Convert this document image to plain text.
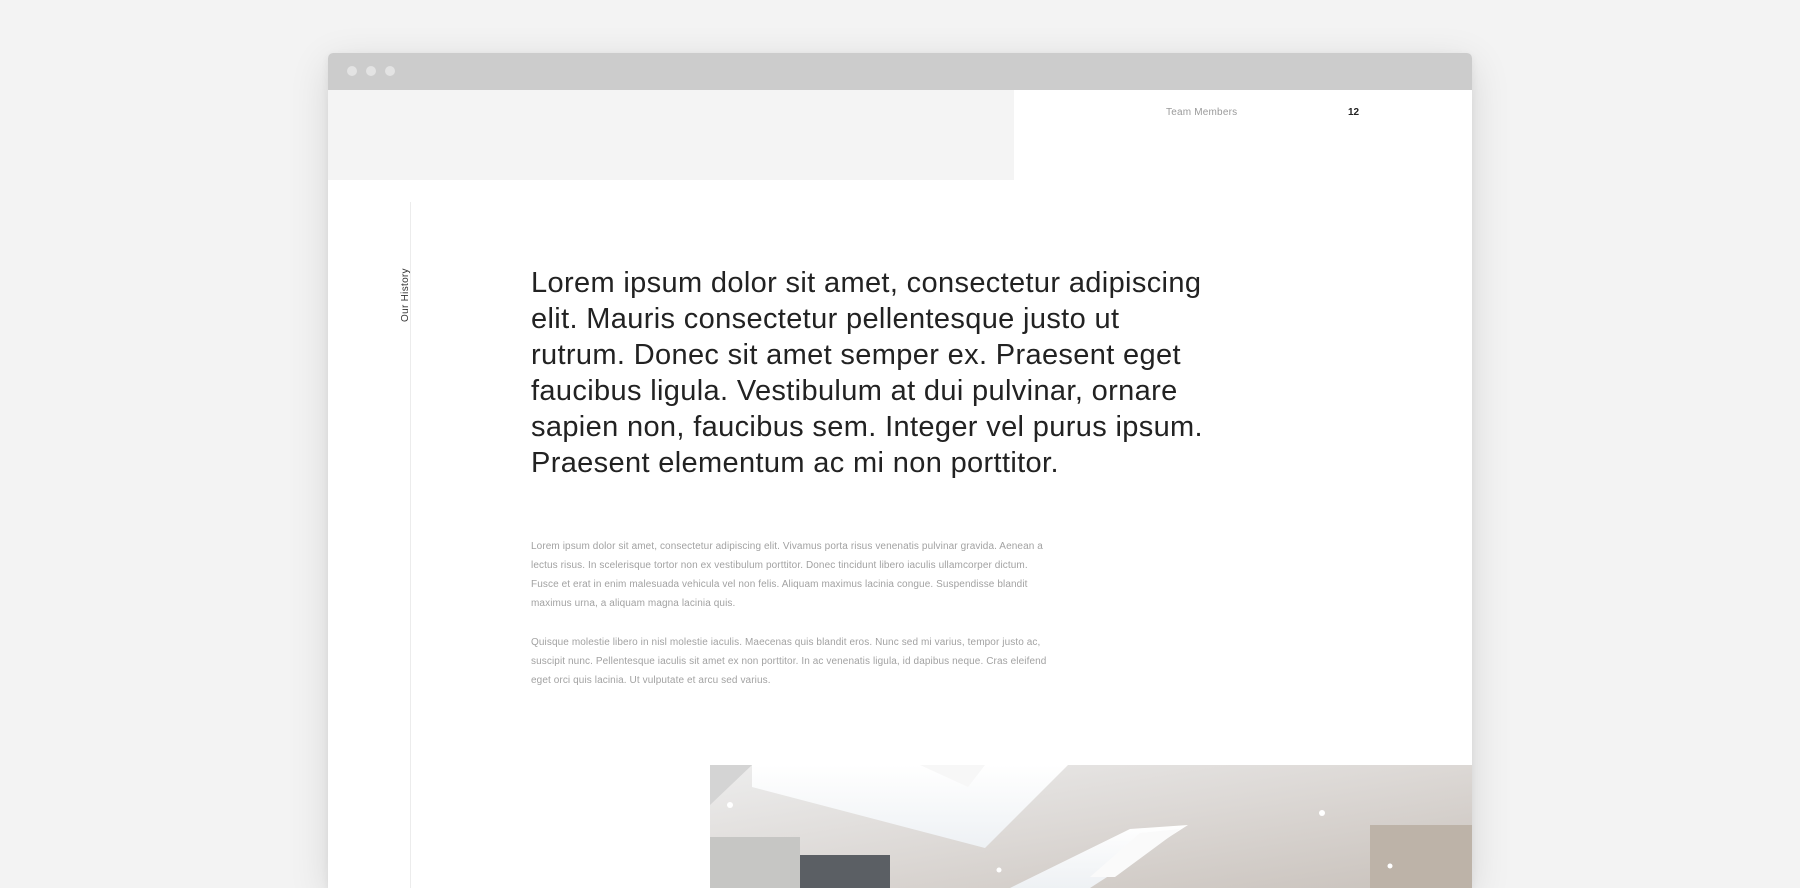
Team Members	12
Our History	Lorem ipsum dolor sit amet, consectetur adipiscing elit. Mauris consectetur pellentesque justo ut rutrum. Donec sit amet semper ex. Praesent eget faucibus ligula. Vestibulum at dui pulvinar, ornare sapien non, faucibus sem. Integer vel purus ipsum. Praesent elementum ac mi non porttitor.

Lorem ipsum dolor sit amet, consectetur adipiscing elit. Vivamus porta risus venenatis pulvinar gravida. Aenean a lectus risus. In scelerisque tortor non ex vestibulum porttitor. Donec tincidunt libero iaculis ullamcorper dictum. Fusce et erat in enim malesuada vehicula vel non felis. Aliquam maximus lacinia congue. Suspendisse blandit maximus urna, a aliquam magna lacinia quis.

Quisque molestie libero in nisl molestie iaculis. Maecenas quis blandit eros. Nunc sed mi varius, tempor justo ac, suscipit nunc. Pellentesque iaculis sit amet ex non porttitor. In ac venenatis ligula, id dapibus neque. Cras eleifend eget orci quis lacinia. Ut vulputate et arcu sed varius.
